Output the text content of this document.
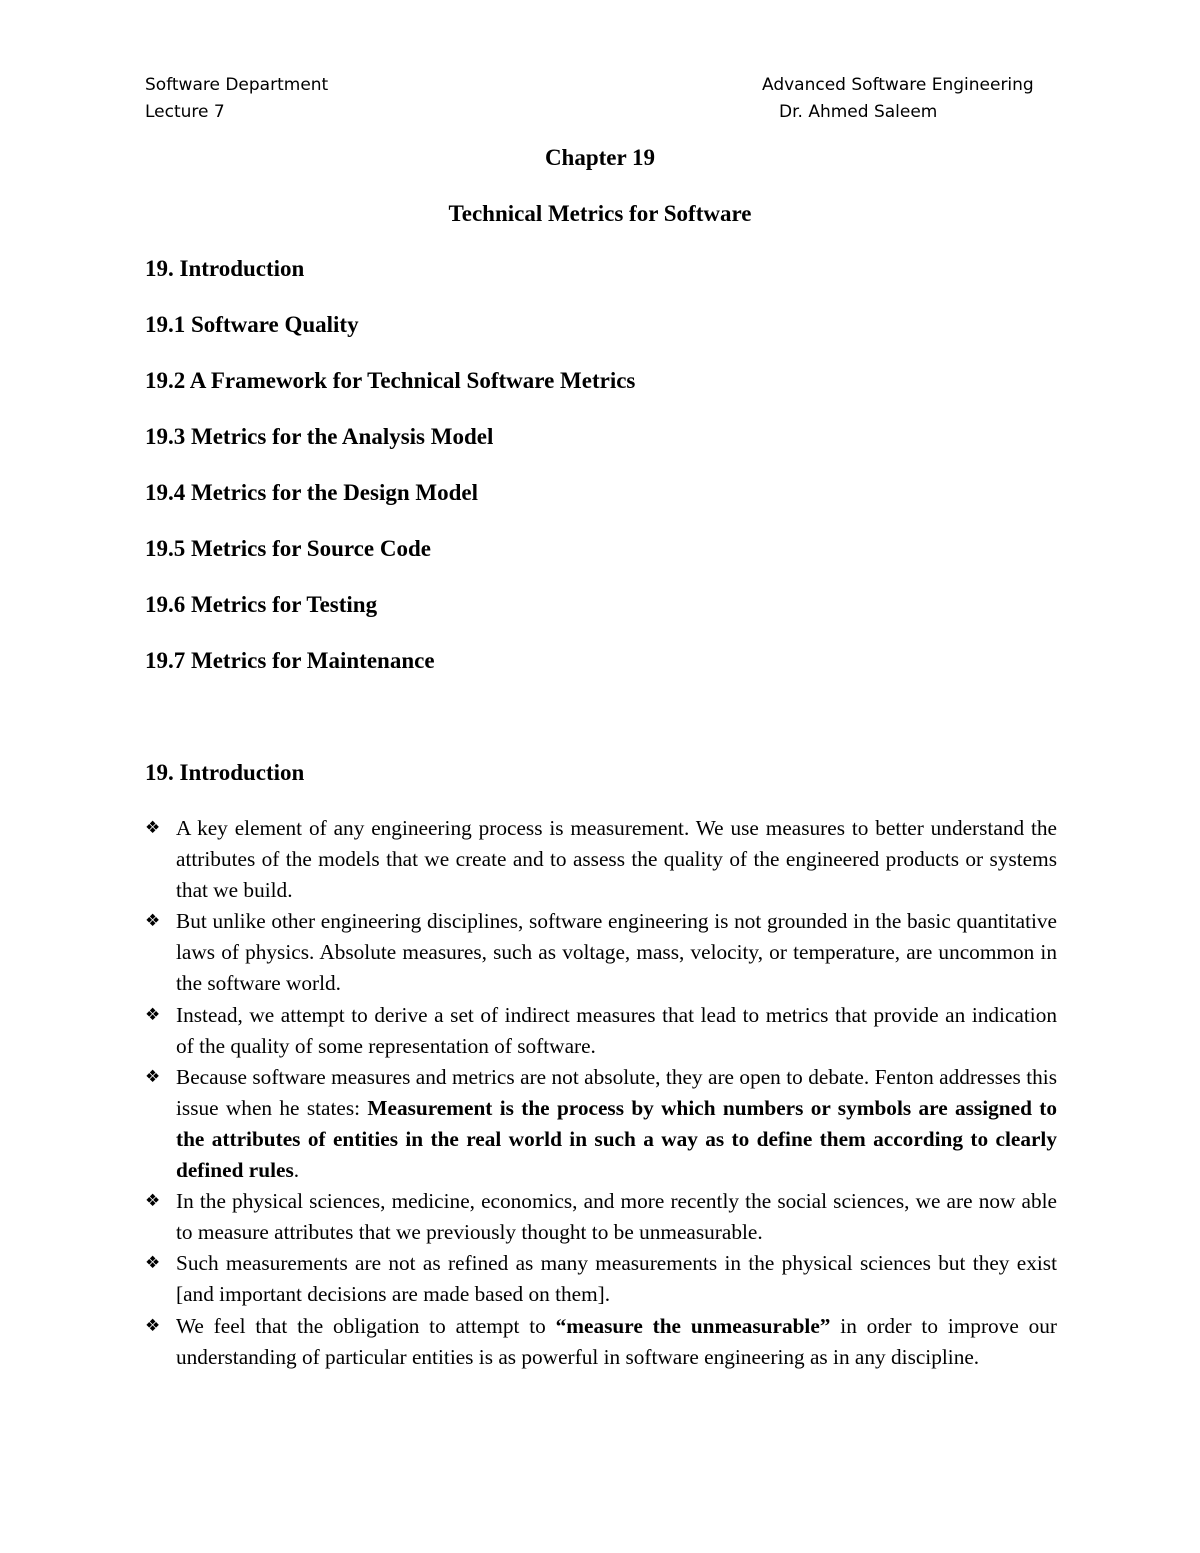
Software Department
Lecture 7
Advanced Software Engineering
Dr. Ahmed Saleem
Chapter 19
Technical Metrics for Software
19. Introduction
19.1 Software Quality
19.2 A Framework for Technical Software Metrics
19.3 Metrics for the Analysis Model
19.4 Metrics for the Design Model
19.5 Metrics for Source Code
19.6 Metrics for Testing
19.7 Metrics for Maintenance
19. Introduction
❖ A key element of any engineering process is measurement. We use measures to better understand the attributes of the models that we create and to assess the quality of the engineered products or systems that we build.
❖ But unlike other engineering disciplines, software engineering is not grounded in the basic quantitative laws of physics. Absolute measures, such as voltage, mass, velocity, or temperature, are uncommon in the software world.
❖ Instead, we attempt to derive a set of indirect measures that lead to metrics that provide an indication of the quality of some representation of software.
❖ Because software measures and metrics are not absolute, they are open to debate. Fenton addresses this issue when he states: Measurement is the process by which numbers or symbols are assigned to the attributes of entities in the real world in such a way as to define them according to clearly defined rules.
❖ In the physical sciences, medicine, economics, and more recently the social sciences, we are now able to measure attributes that we previously thought to be unmeasurable.
❖ Such measurements are not as refined as many measurements in the physical sciences but they exist [and important decisions are made based on them].
❖ We feel that the obligation to attempt to “measure the unmeasurable” in order to improve our understanding of particular entities is as powerful in software engineering as in any discipline.
